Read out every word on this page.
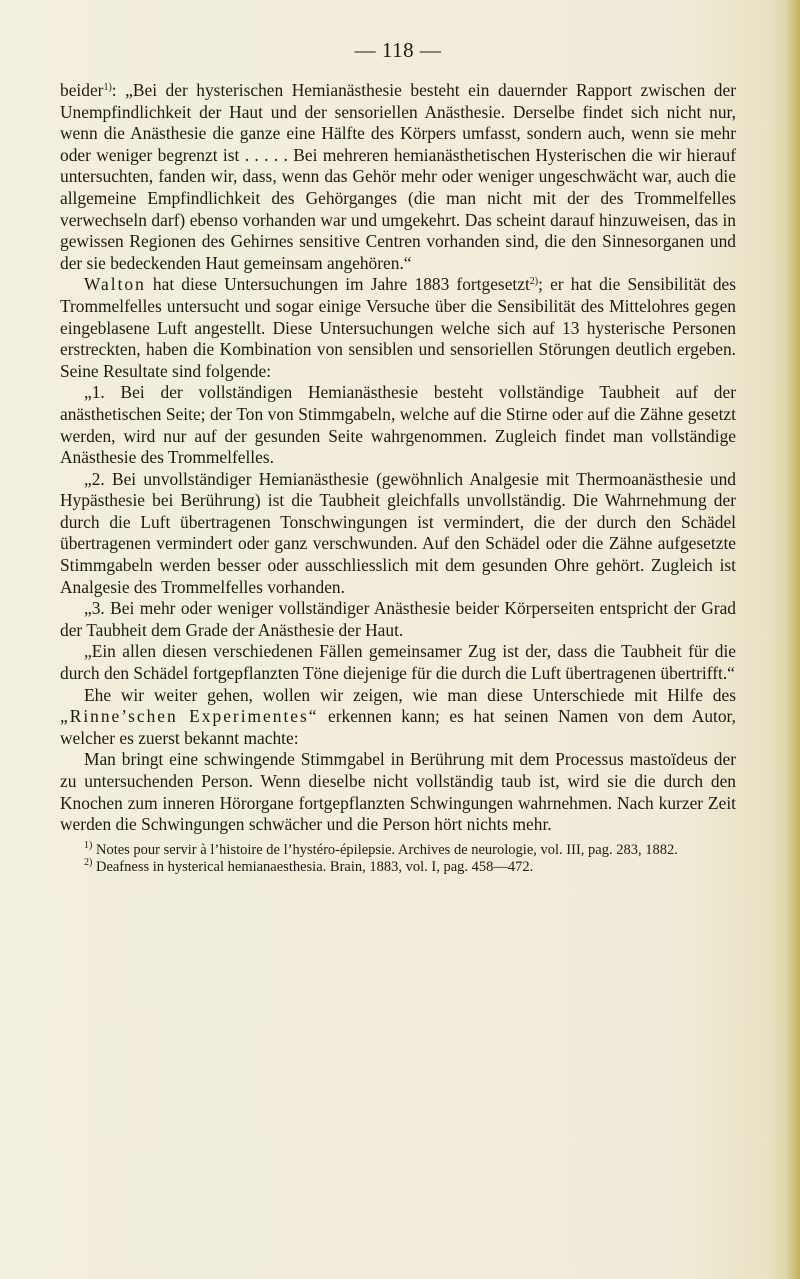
— 118 —

beider$^{1)}$: „Bei der hysterischen Hemianästhesie besteht ein dauernder Rapport zwischen der Unempfindlichkeit der Haut und der sensoriellen Anästhesie. Derselbe findet sich nicht nur, wenn die Anästhesie die ganze eine Hälfte des Körpers umfasst, sondern auch, wenn sie mehr oder weniger begrenzt ist . . . . . Bei mehreren hemianästhetischen Hysterischen die wir hierauf untersuchten, fanden wir, dass, wenn das Gehör mehr oder weniger ungeschwächt war, auch die allgemeine Empfindlichkeit des Gehörganges (die man nicht mit der des Trommelfelles verwechseln darf) ebenso vorhanden war und umgekehrt. Das scheint darauf hinzuweisen, das in gewissen Regionen des Gehirnes sensitive Centren vorhanden sind, die den Sinnesorganen und der sie bedeckenden Haut gemeinsam angehören.“

Walton hat diese Untersuchungen im Jahre 1883 fortgesetzt$^{2)}$; er hat die Sensibilität des Trommelfelles untersucht und sogar einige Versuche über die Sensibilität des Mittelohres gegen eingeblasene Luft angestellt. Diese Untersuchungen welche sich auf 13 hysterische Personen erstreckten, haben die Kombination von sensiblen und sensoriellen Störungen deutlich ergeben. Seine Resultate sind folgende:

„1. Bei der vollständigen Hemianästhesie besteht vollständige Taubheit auf der anästhetischen Seite; der Ton von Stimmgabeln, welche auf die Stirne oder auf die Zähne gesetzt werden, wird nur auf der gesunden Seite wahrgenommen. Zugleich findet man vollständige Anästhesie des Trommelfelles.

„2. Bei unvollständiger Hemianästhesie (gewöhnlich Analgesie mit Thermoanästhesie und Hypästhesie bei Berührung) ist die Taubheit gleichfalls unvollständig. Die Wahrnehmung der durch die Luft übertragenen Tonschwingungen ist vermindert, die der durch den Schädel übertragenen vermindert oder ganz verschwunden. Auf den Schädel oder die Zähne aufgesetzte Stimmgabeln werden besser oder ausschliesslich mit dem gesunden Ohre gehört. Zugleich ist Analgesie des Trommelfelles vorhanden.

„3. Bei mehr oder weniger vollständiger Anästhesie beider Körperseiten entspricht der Grad der Taubheit dem Grade der Anästhesie der Haut.

„Ein allen diesen verschiedenen Fällen gemeinsamer Zug ist der, dass die Taubheit für die durch den Schädel fortgepflanzten Töne diejenige für die durch die Luft übertragenen übertrifft.“

Ehe wir weiter gehen, wollen wir zeigen, wie man diese Unterschiede mit Hilfe des „Rinne’schen Experimentes“ erkennen kann; es hat seinen Namen von dem Autor, welcher es zuerst bekannt machte:

Man bringt eine schwingende Stimmgabel in Berührung mit dem Processus mastoïdeus der zu untersuchenden Person. Wenn dieselbe nicht vollständig taub ist, wird sie die durch den Knochen zum inneren Hörorgane fortgepflanzten Schwingungen wahrnehmen. Nach kurzer Zeit werden die Schwingungen schwächer und die Person hört nichts mehr.

$^{1)}$ Notes pour servir à l’histoire de l’hystéro-épilepsie. Archives de neurologie, vol. III, pag. 283, 1882.

$^{2)}$ Deafness in hysterical hemianaesthesia. Brain, 1883, vol. I, pag. 458—472.
